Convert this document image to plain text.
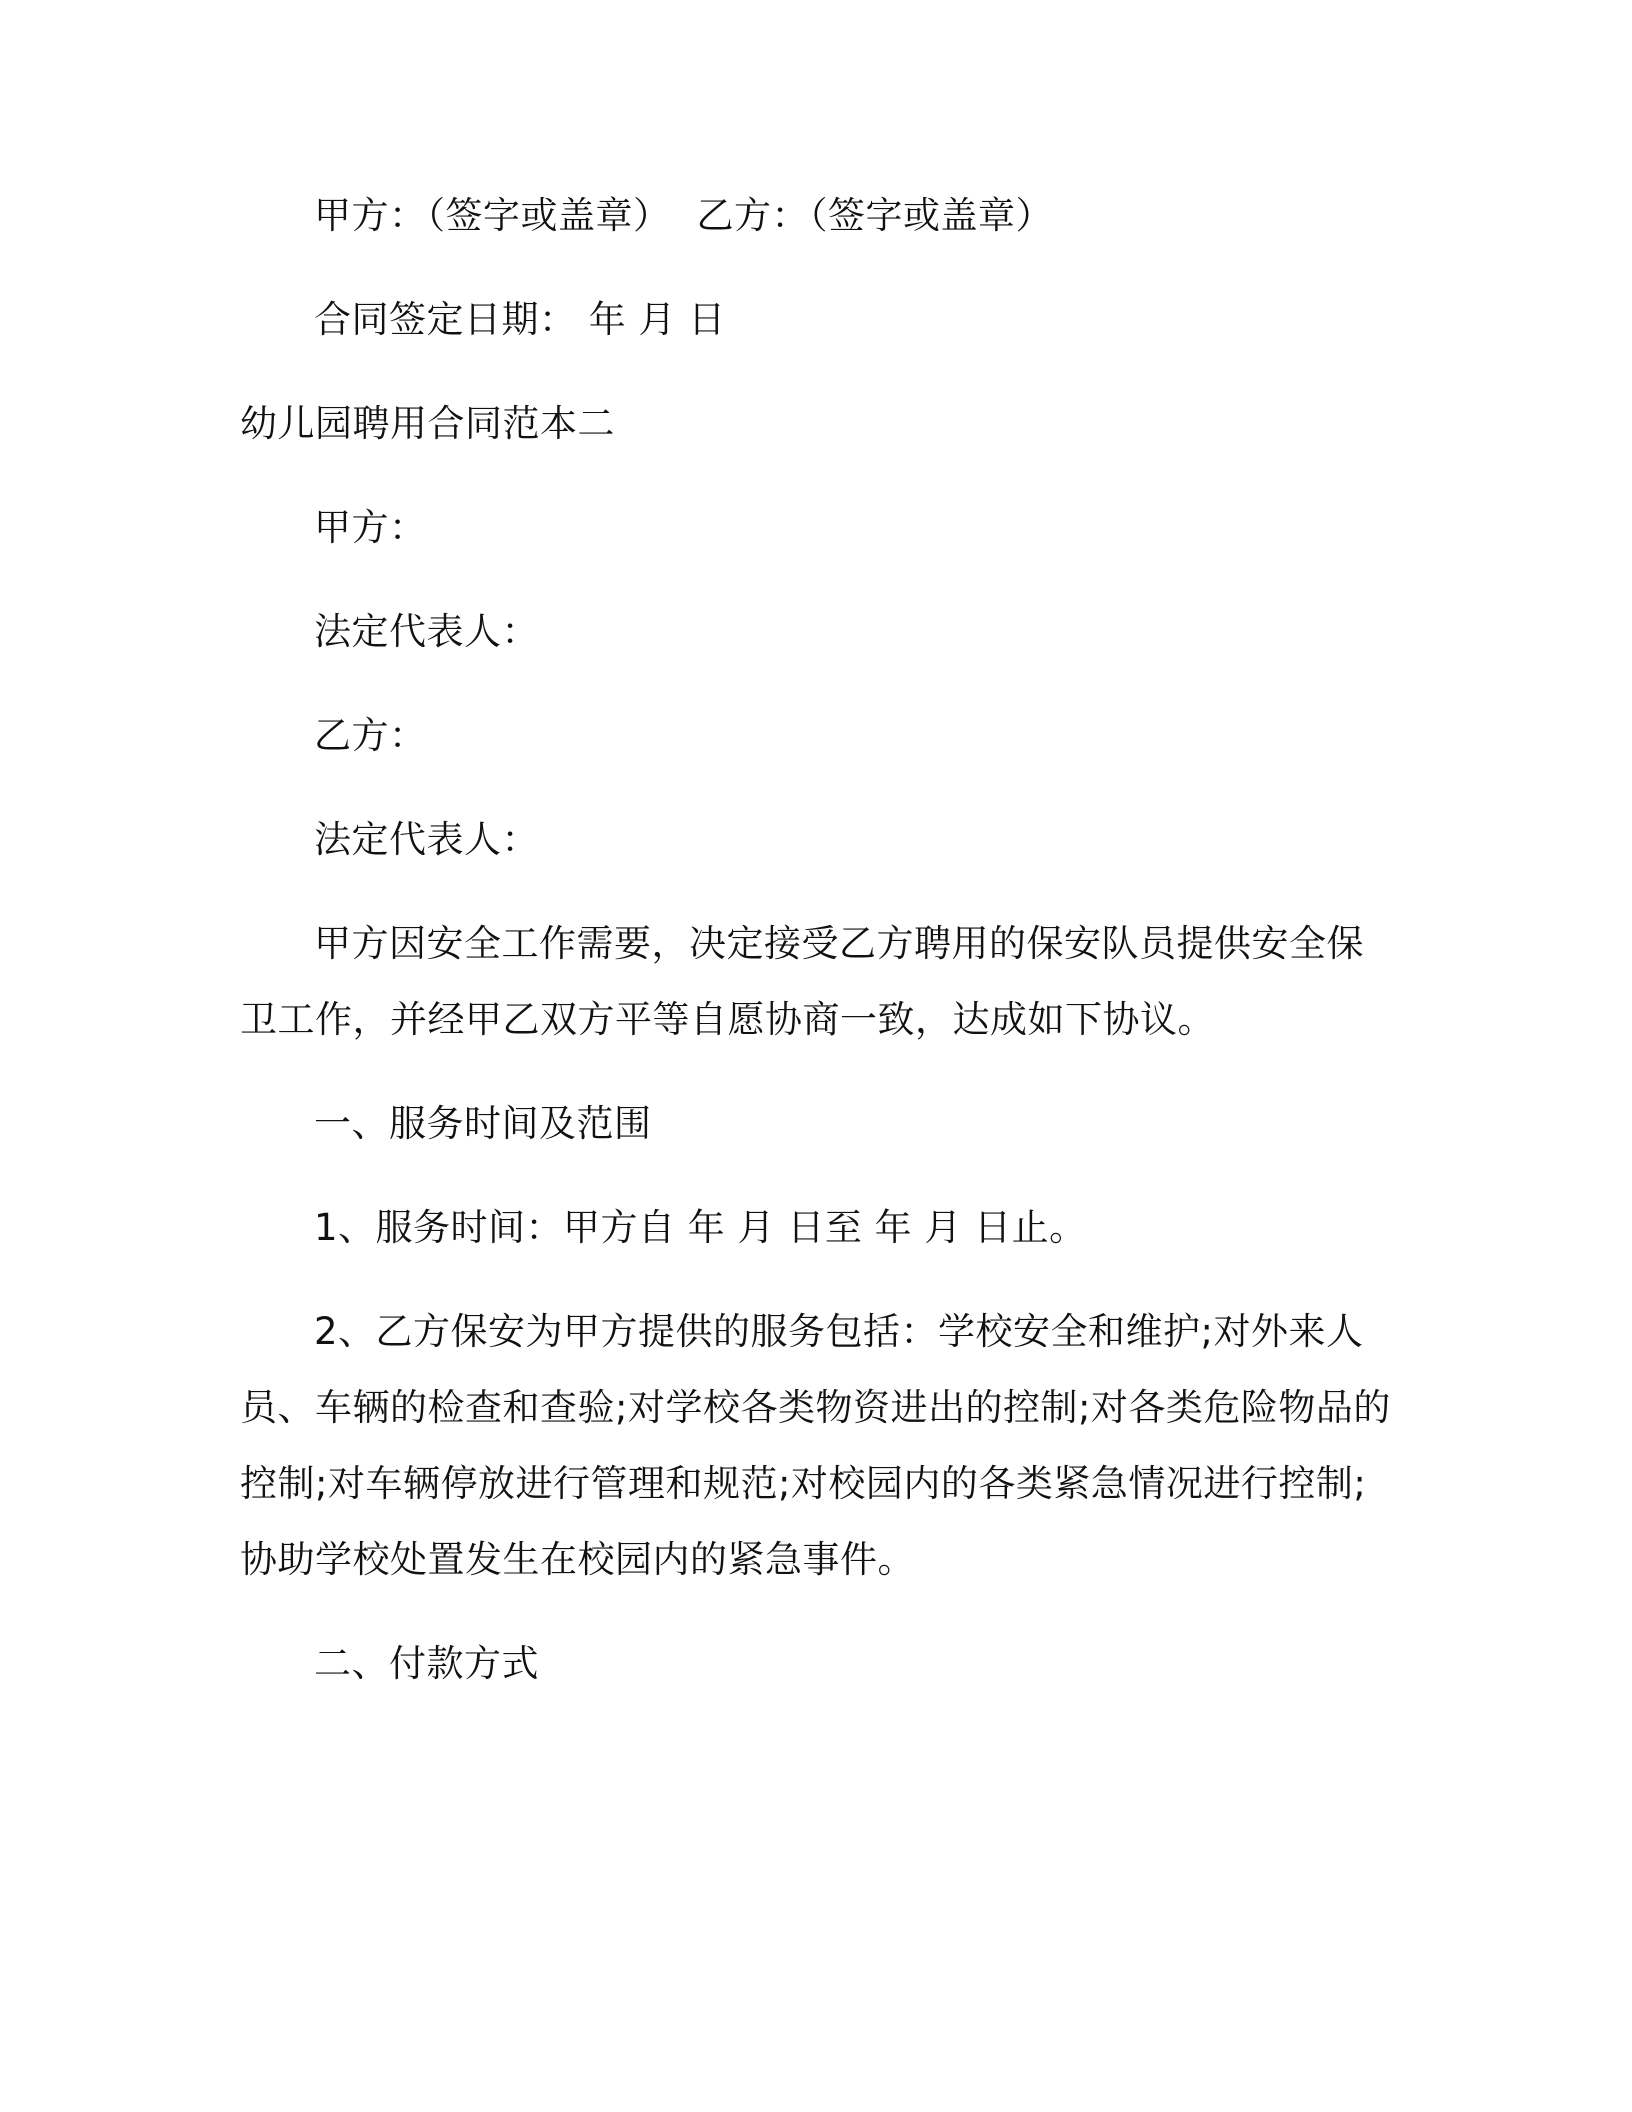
甲方：（签字或盖章） 乙方：（签字或盖章）
合同签定日期： 年 月 日
幼儿园聘用合同范本二
甲方：
法定代表人：
乙方：
法定代表人：
甲方因安全工作需要，决定接受乙方聘用的保安队员提供安全保
卫工作，并经甲乙双方平等自愿协商一致，达成如下协议。
一、服务时间及范围
1、服务时间：甲方自 年 月 日至 年 月 日止。
2、乙方保安为甲方提供的服务包括：学校安全和维护;对外来人
员、车辆的检查和查验;对学校各类物资进出的控制;对各类危险物品的
控制;对车辆停放进行管理和规范;对校园内的各类紧急情况进行控制;
协助学校处置发生在校园内的紧急事件。
二、付款方式
